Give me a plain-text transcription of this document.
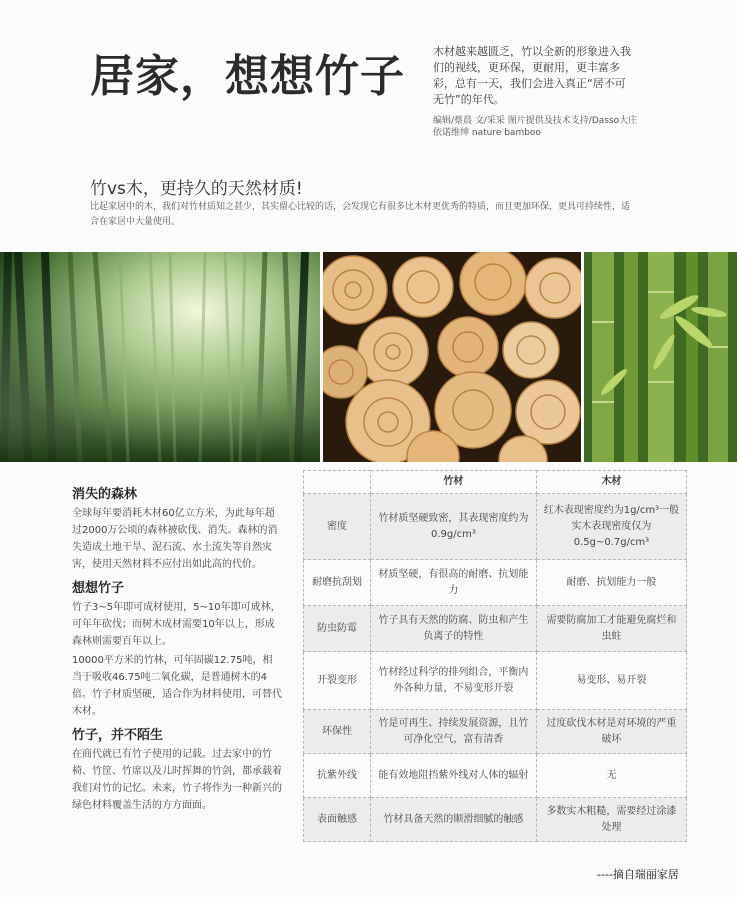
居家，想想竹子	木材越来越匮乏，竹以全新的形象进入我们的视线，更环保，更耐用，更丰富多彩，总有一天，我们会进入真正“居不可无竹”的年代。
编辑/蔡晨 文/采采 图片提供及技术支持/Dasso大庄 依诺维绅 nature bamboo
竹vs木，更持久的天然材质!
比起家居中的木，我们对竹材质知之甚少，其实留心比较的话，会发现它有很多比木材更优秀的特质，而且更加环保，更具可持续性，适合在家居中大量使用。

消失的森林

全球每年要消耗木材60亿立方米，为此每年超过2000万公顷的森林被砍伐、消失。森林的消失造成土地干旱、泥石流、水土流失等自然灾害，使用天然材料不应付出如此高的代价。

想想竹子

竹子3~5年即可成材使用，5~10年即可成林，可年年砍伐；而树木成材需要10年以上，形成森林则需要百年以上。

10000平方米的竹林，可年固碳12.75吨，相当于吸收46.75吨二氧化碳，是普通树木的4倍。竹子材质坚硬，适合作为材料使用，可替代木材。

竹子，并不陌生

在商代就已有竹子使用的记载。过去家中的竹椅、竹筐、竹席以及儿时挥舞的竹剑，都承载着我们对竹的记忆。未来，竹子将作为一种新兴的绿色材料覆盖生活的方方面面。

	竹材	木材
密度	竹材质坚硬致密，其表现密度约为0.9g/cm³	红木表现密度约为1g/cm³一般实木表现密度仅为0.5g~0.7g/cm³
耐磨抗刮划	材质坚硬，有很高的耐磨、抗划能力	耐磨、抗划能力一般
防虫防霉	竹子具有天然的防腐、防虫和产生负离子的特性	需要防腐加工才能避免腐烂和虫蛀
开裂变形	竹材经过科学的排列组合，平衡内外各种力量，不易变形开裂	易变形、易开裂
环保性	竹是可再生、持续发展资源，且竹可净化空气，富有清香	过度砍伐木材是对环境的严重破坏
抗紫外线	能有效地阻挡紫外线对人体的辐射	无
表面触感	竹材具备天然的顺滑细腻的触感	多数实木粗糙，需要经过涂漆处理
----摘自瑞丽家居
